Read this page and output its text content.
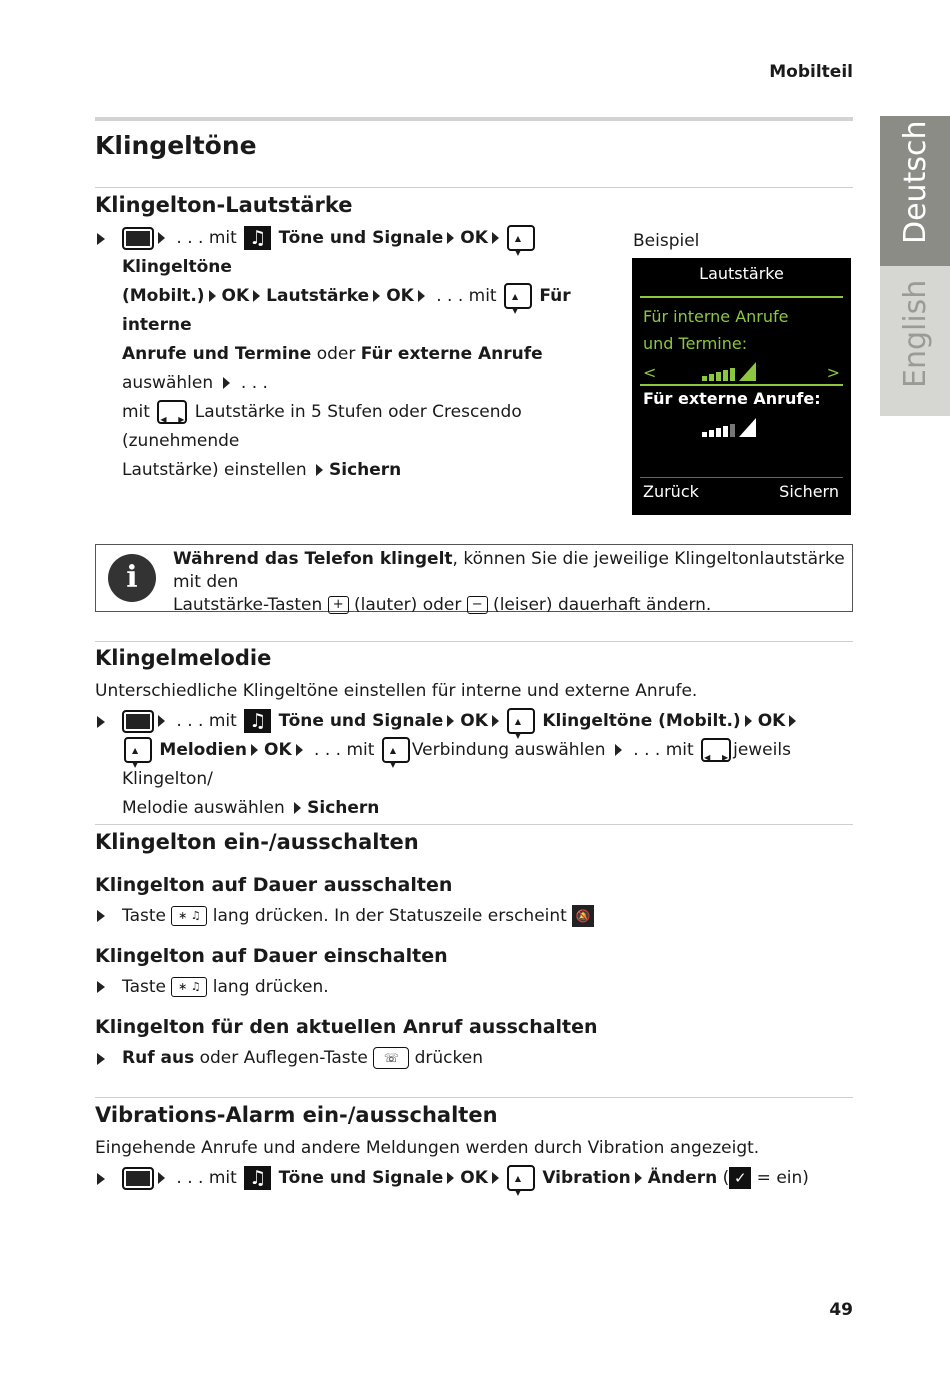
Mobilteil
Deutsch
English
Klingeltöne
Klingelton-Lautstärke
. . . mit ♫ Töne und Signale OK▲ ▼ Klingeltöne
(Mobilt.) OK Lautstärke OK . . . mit ▲ ▼ Für interne
Anrufe und Termine oder Für externe Anrufe auswählen  . . .
mit ◀ ▶ Lautstärke in 5 Stufen oder Crescendo (zunehmende
Lautstärke) einstellen Sichern
Beispiel
Lautstärke
Für interne Anrufe
und Termine:
<	>
Für externe Anrufe:
Zurück	Sichern
i
Während das Telefon klingelt, können Sie die jeweilige Klingeltonlautstärke mit den
Lautstärke-Tasten + (lauter) oder − (leiser) dauerhaft ändern.
Klingelmelodie
Unterschiedliche Klingeltöne einstellen für interne und externe Anrufe.
. . . mit ♫ Töne und Signale OK ▲ ▼	Klingeltöne (Mobilt.) OK
▲ ▼ Melodien OK . . . mit ▲ ▼Verbindung auswählen  . . . mit ◀ ▶jeweils Klingelton/
Melodie auswählen Sichern
Klingelton ein-/ausschalten
Klingelton auf Dauer ausschalten
Taste ∗ ♫ lang drücken. In der Statuszeile erscheint 🔕
Klingelton auf Dauer einschalten
Taste ∗ ♫ lang drücken.
Klingelton für den aktuellen Anruf ausschalten
Ruf aus oder Auflegen-Taste ☏ drücken
Vibrations-Alarm ein-/ausschalten
Eingehende Anrufe und andere Meldungen werden durch Vibration angezeigt.
. . . mit ♫ Töne und Signale OK ▲ ▼	Vibration Ändern ( ✓ = ein)
49
